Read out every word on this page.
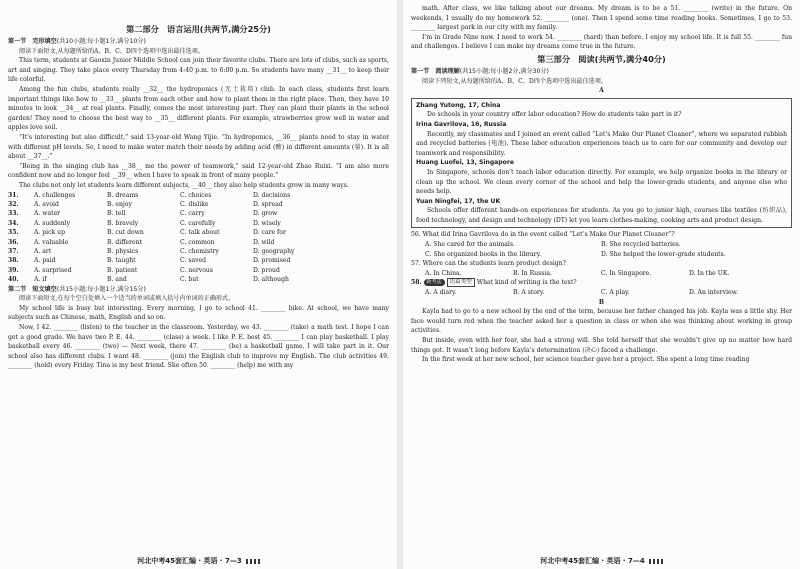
第二部分　语言运用(共两节,满分25分)
第一节　完形填空(共10小题;每小题1分,满分10分)

阅读下面短文,从每题所给的A、B、C、D四个选项中选出最佳选项。

This term, students at Gaoxin Junior Middle School can join their favorite clubs. There are lots of clubs, such as sports, art and singing. They take place every Thursday from 4:40 p.m. to 6:00 p.m. So students have many __31__ to keep their life colorful.

Among the fun clubs, students really __32__ the hydroponics (无土栽培) club. In each class, students first learn important things like how to __33__ plants from each other and how to plant them in the right place. Then, they have 10 minutes to look __34__ at real plants. Finally, comes the most interesting part. They can plant their plants in the school garden! They need to choose the best way to __35__ different plants. For example, strawberries grow well in water and apples love soil.

“It’s interesting but also difficult,” said 13-year-old Wang Yijie. “In hydroponics, __36__ plants need to stay in water with different pH levels. So, I need to make water match their needs by adding acid (酸) in different amounts (量). It is all about __37__.”

“Being in the singing club has __38__ me the power of teamwork,” said 12-year-old Zhao Ruixi. “I am also more confident now and no longer feel __39__ when I have to speak in front of many people.”

The clubs not only let students learn different subjects, __40__ they also help students grow in many ways.

31.	A. challenges	B. dreams	C. choices	D. decisions
32.	A. avoid	B. enjoy	C. dislike	D. spread
33.	A. water	B. tell	C. carry	D. grow
34.	A. suddenly	B. bravely	C. carefully	D. wisely
35.	A. pick up	B. cut down	C. talk about	D. care for
36.	A. valuable	B. different	C. common	D. wild
37.	A. art	B. physics	C. chemistry	D. geography
38.	A. paid	B. taught	C. saved	D. promised
39.	A. surprised	B. patient	C. nervous	D. proud
40.	A. if	B. and	C. but	D. although
第二节　短文填空(共15小题;每小题1分,满分15分)

阅读下面短文,在每个空白处填入一个适当的单词或填入括号内单词的正确形式。

My school life is busy but interesting. Every morning, I go to school 41. ________ bike. At school, we have many subjects such as Chinese, math, English and so on.

Now, I 42. ________ (listen) to the teacher in the classroom. Yesterday, we 43. ________ (take) a math test. I hope I can get a good grade. We have two P. E. 44. ________ (class) a week. I like P. E. best 45. ________ I can play basketball. I play basketball every 46. ________ (two) — Next week, there 47. ________ (be) a basketball game. I will take part in it. Our school also has different clubs. I want 48. ________ (join) the English club to improve my English. The club activities 49. ________ (hold) every Friday. Tina is my best friend. She often 50. ________ (help) me with my

河北中考45套汇编 · 英语 · 7—3

math. After class, we like talking about our dreams. My dream is to be a 51. ________ (write) in the future. On weekends, I usually do my homework 52. ________ (one). Then I spend some time reading books. Sometimes, I go to 53. ________ largest park in our city with my family.

I’m in Grade Nine now. I need to work 54. ________ (hard) than before. I enjoy my school life. It is full 55. ________ fun and challenges. I believe I can make my dreams come true in the future.

第三部分　阅读(共两节,满分40分)
第一节　阅读理解(共15小题;每小题2分,满分30分)

阅读下列短文,从每题所给的A、B、C、D四个选项中选出最佳选项。

A
Zhang Yutong, 17, China

Do schools in your country offer labor education? How do students take part in it?

Irina Gavrilova, 16, Russia

Recently, my classmates and I joined an event called “Let’s Make Our Planet Cleaner”, where we separated rubbish and recycled batteries (电池). These labor education experiences teach us to care for our community and develop our teamwork and responsibility.

Huang Luofei, 13, Singapore

In Singapore, schools don’t teach labor education directly. For example, we help organize books in the library or clean up the school. We clean every corner of the school and help the lower-grade students, and anyone else who needs help.

Yuan Ningfei, 17, the UK

Schools offer different hands-on experiences for students. As you go to junior high, courses like textiles (纺织品), food technology, and design and technology (DT) let you learn clothes-making, cooking arts and product design.

56. What did Irina Gavrilova do in the event called “Let’s Make Our Planet Cleaner”?
A. She cared for the animals.	B. She recycled batteries.
C. She organized books in the library.	D. She helped the lower-grade students.
57. Where can the students learn product design?
A. In China.	B. In Russia.	C. In Singapore.	D. In the UK.
58. 新考法 语篇类型 What kind of writing is the text?
A. A diary.	B. A story.	C. A play.	D. An interview.
B

Kayla had to go to a new school by the end of the term, because her father changed his job. Kayla was a little shy. Her face would turn red when the teacher asked her a question in class or when she was thinking about working in group activities.

But inside, even with her fear, she had a strong will. She told herself that she wouldn’t give up no matter how hard things got. It wasn’t long before Kayla’s determination (决心) faced a challenge.

In the first week at her new school, her science teacher gave her a project. She spent a long time reading

河北中考45套汇编 · 英语 · 7—4
